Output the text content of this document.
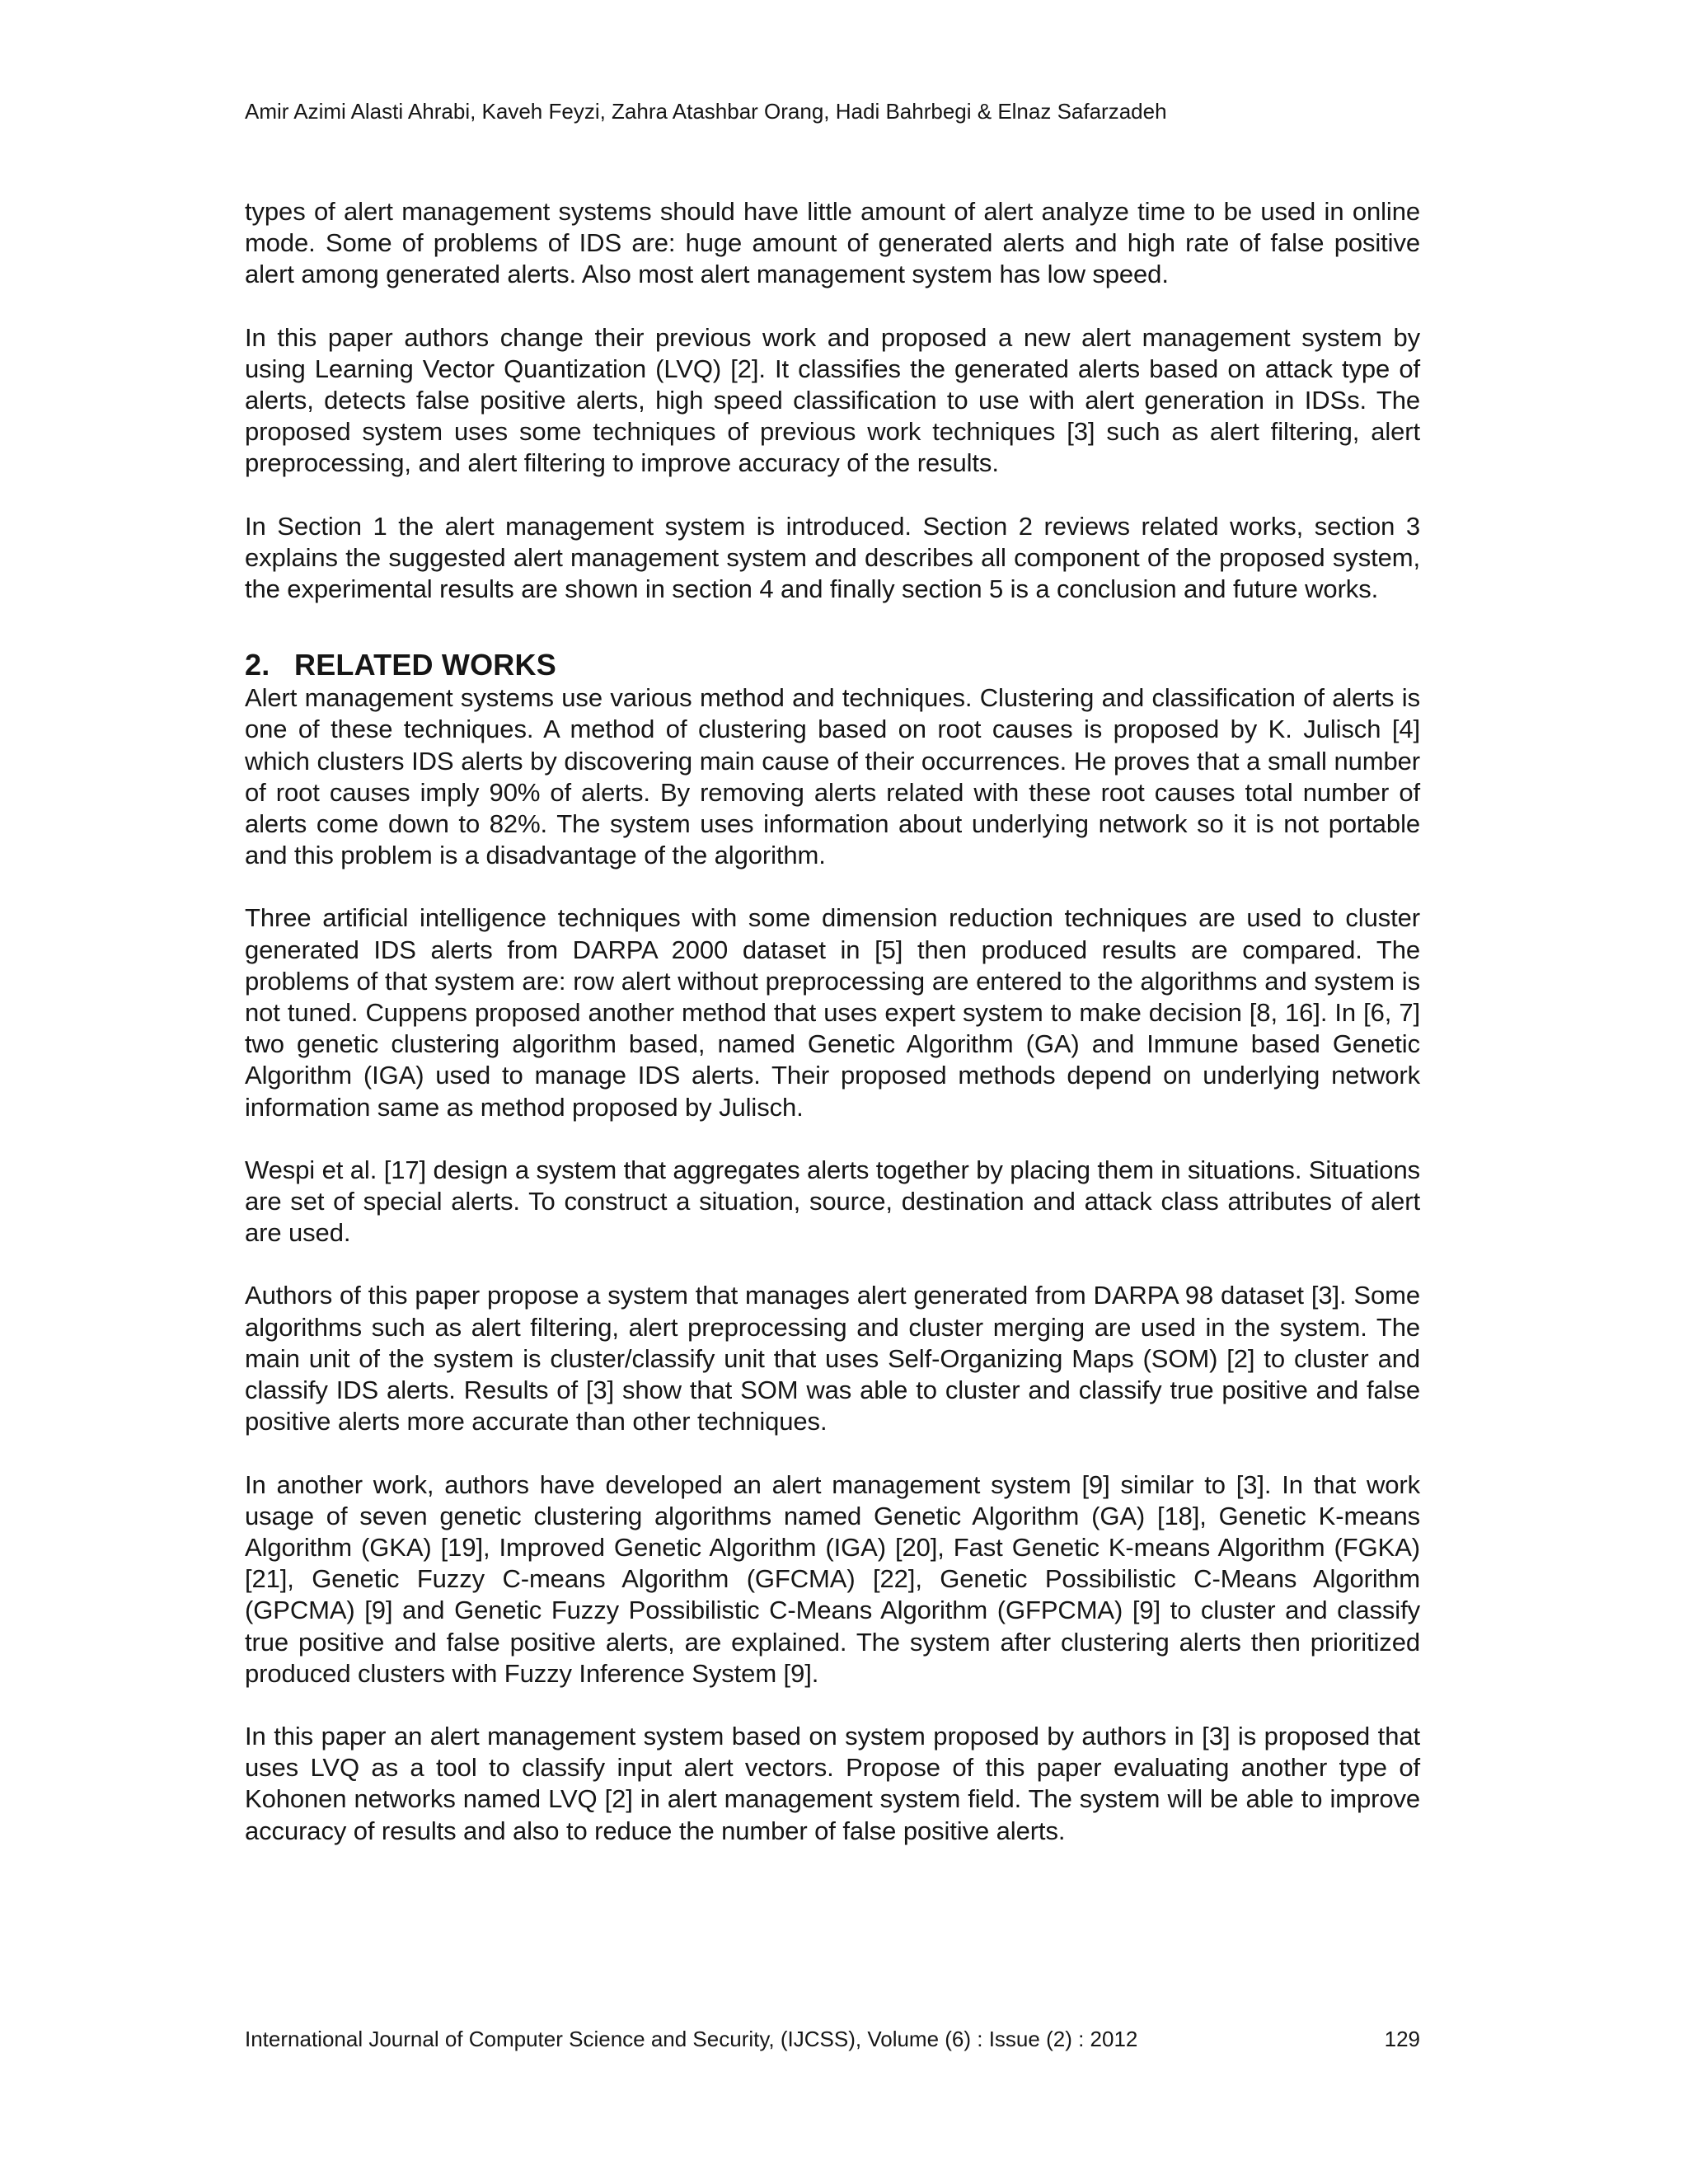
Amir Azimi Alasti Ahrabi, Kaveh Feyzi, Zahra Atashbar Orang, Hadi Bahrbegi & Elnaz Safarzadeh

types of alert management systems should have little amount of alert analyze time to be used in online mode. Some of problems of IDS are: huge amount of generated alerts and high rate of false positive alert among generated alerts. Also most alert management system has low speed.

In this paper authors change their previous work and proposed a new alert management system by using Learning Vector Quantization (LVQ) [2]. It classifies the generated alerts based on attack type of alerts, detects false positive alerts, high speed classification to use with alert generation in IDSs. The proposed system uses some techniques of previous work techniques [3] such as alert filtering, alert preprocessing, and alert filtering to improve accuracy of the results.

In Section 1 the alert management system is introduced. Section 2 reviews related works, section 3 explains the suggested alert management system and describes all component of the proposed system, the experimental results are shown in section 4 and finally section 5 is a conclusion and future works.

2. RELATED WORKS

Alert management systems use various method and techniques. Clustering and classification of alerts is one of these techniques. A method of clustering based on root causes is proposed by K. Julisch [4] which clusters IDS alerts by discovering main cause of their occurrences. He proves that a small number of root causes imply 90% of alerts. By removing alerts related with these root causes total number of alerts come down to 82%. The system uses information about underlying network so it is not portable and this problem is a disadvantage of the algorithm.

Three artificial intelligence techniques with some dimension reduction techniques are used to cluster generated IDS alerts from DARPA 2000 dataset in [5] then produced results are compared. The problems of that system are: row alert without preprocessing are entered to the algorithms and system is not tuned. Cuppens proposed another method that uses expert system to make decision [8, 16]. In [6, 7] two genetic clustering algorithm based, named Genetic Algorithm (GA) and Immune based Genetic Algorithm (IGA) used to manage IDS alerts. Their proposed methods depend on underlying network information same as method proposed by Julisch.

Wespi et al. [17] design a system that aggregates alerts together by placing them in situations. Situations are set of special alerts. To construct a situation, source, destination and attack class attributes of alert are used.

Authors of this paper propose a system that manages alert generated from DARPA 98 dataset [3]. Some algorithms such as alert filtering, alert preprocessing and cluster merging are used in the system. The main unit of the system is cluster/classify unit that uses Self-Organizing Maps (SOM) [2] to cluster and classify IDS alerts. Results of [3] show that SOM was able to cluster and classify true positive and false positive alerts more accurate than other techniques.

In another work, authors have developed an alert management system [9] similar to [3]. In that work usage of seven genetic clustering algorithms named Genetic Algorithm (GA) [18], Genetic K-means Algorithm (GKA) [19], Improved Genetic Algorithm (IGA) [20], Fast Genetic K-means Algorithm (FGKA) [21], Genetic Fuzzy C-means Algorithm (GFCMA) [22], Genetic Possibilistic C-Means Algorithm (GPCMA) [9] and Genetic Fuzzy Possibilistic C-Means Algorithm (GFPCMA) [9] to cluster and classify true positive and false positive alerts, are explained. The system after clustering alerts then prioritized produced clusters with Fuzzy Inference System [9].

In this paper an alert management system based on system proposed by authors in [3] is proposed that uses LVQ as a tool to classify input alert vectors. Propose of this paper evaluating another type of Kohonen networks named LVQ [2] in alert management system field. The system will be able to improve accuracy of results and also to reduce the number of false positive alerts.

International Journal of Computer Science and Security, (IJCSS), Volume (6) : Issue (2) : 2012	129
